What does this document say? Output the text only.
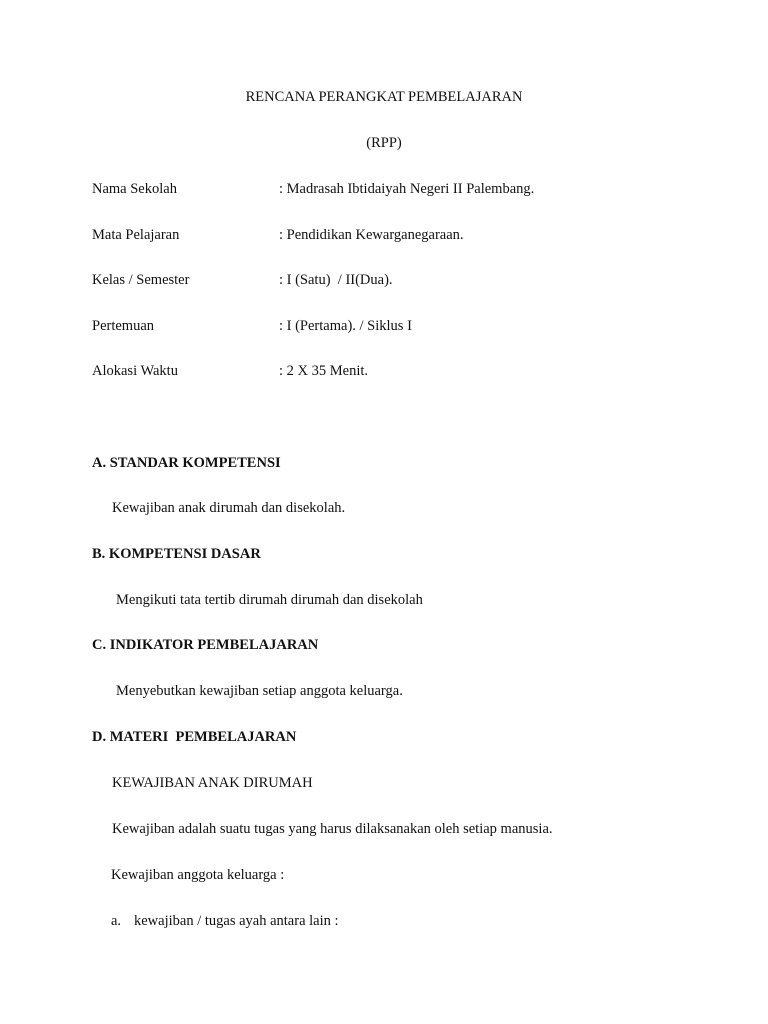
RENCANA PERANGKAT PEMBELAJARAN
(RPP)
Nama Sekolah	: Madrasah Ibtidaiyah Negeri II Palembang.
Mata Pelajaran	: Pendidikan Kewarganegaraan.
Kelas / Semester	: I (Satu)  / II(Dua).
Pertemuan	: I (Pertama). / Siklus I
Alokasi Waktu	: 2 X 35 Menit.
A. STANDAR KOMPETENSI
Kewajiban anak dirumah dan disekolah.
B. KOMPETENSI DASAR
Mengikuti tata tertib dirumah dirumah dan disekolah
C. INDIKATOR PEMBELAJARAN
Menyebutkan kewajiban setiap anggota keluarga.
D. MATERI  PEMBELAJARAN
KEWAJIBAN ANAK DIRUMAH
Kewajiban adalah suatu tugas yang harus dilaksanakan oleh setiap manusia.
Kewajiban anggota keluarga :
a. kewajiban / tugas ayah antara lain :
